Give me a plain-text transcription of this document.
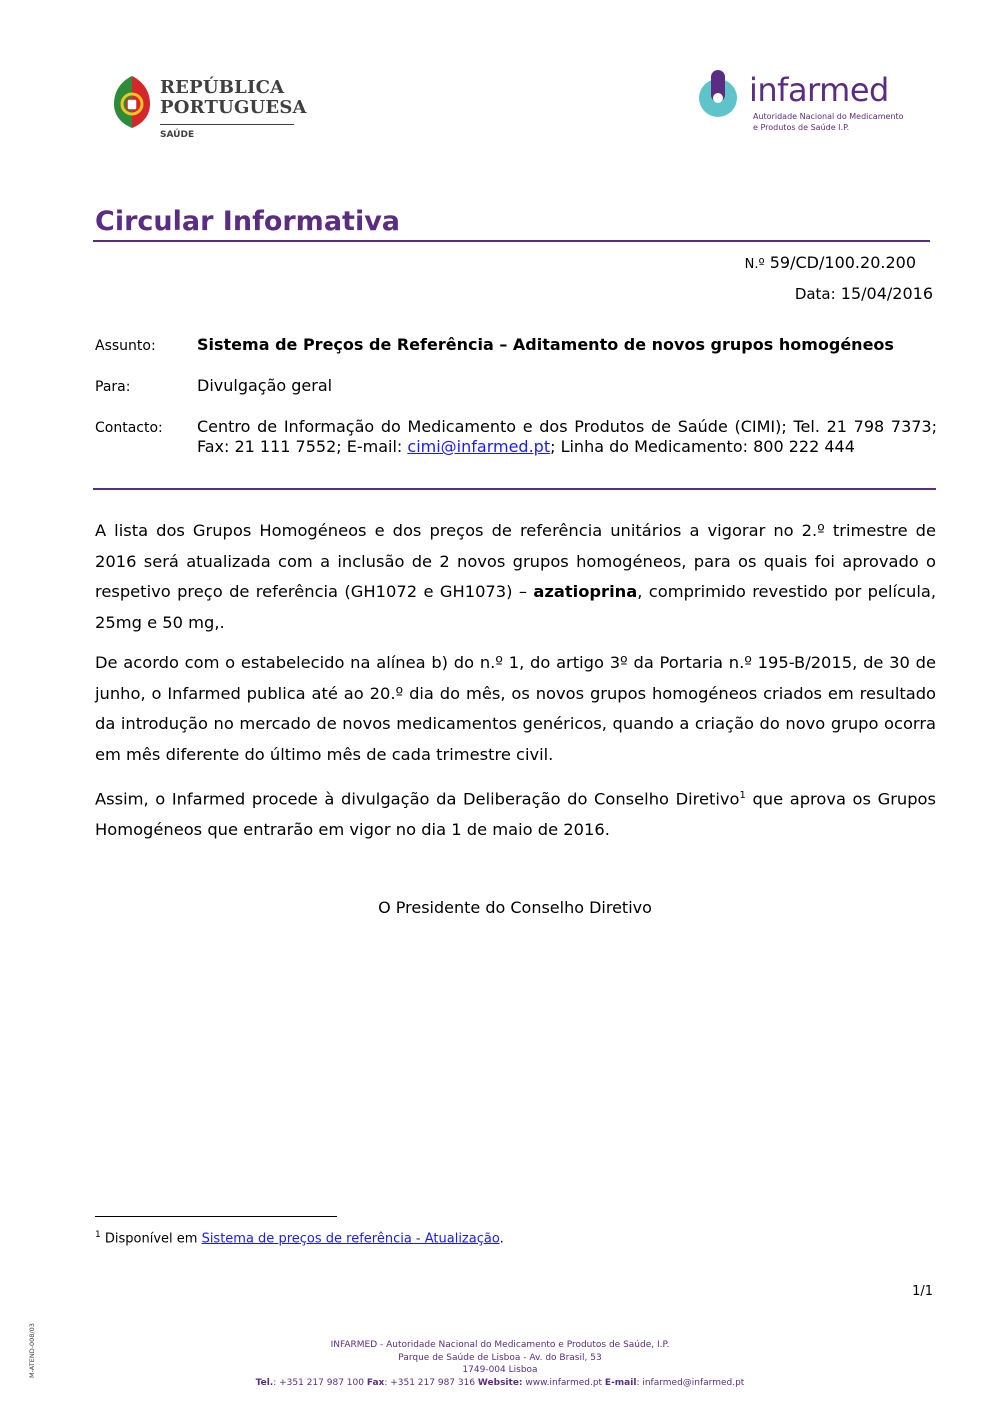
REPÚBLICA
PORTUGUESA
SAÚDE
infarmed
Autoridade Nacional do Medicamento
e Produtos de Saúde I.P.
Circular Informativa
N.º 59/CD/100.20.200
Data: 15/04/2016
Assunto:	Sistema de Preços de Referência – Aditamento de novos grupos homogéneos
Para:	Divulgação geral
Contacto: Centro de Informação do Medicamento e dos Produtos de Saúde (CIMI); Tel. 21 798 7373; Fax: 21 111 7552; E-mail: cimi@infarmed.pt; Linha do Medicamento: 800 222 444
A lista dos Grupos Homogéneos e dos preços de referência unitários a vigorar no 2.º trimestre de 2016 será atualizada com a inclusão de 2 novos grupos homogéneos, para os quais foi aprovado o respetivo preço de referência (GH1072 e GH1073) – azatioprina, comprimido revestido por película, 25mg e 50 mg,.
De acordo com o estabelecido na alínea b) do n.º 1, do artigo 3º da Portaria n.º 195-B/2015, de 30 de junho, o Infarmed publica até ao 20.º dia do mês, os novos grupos homogéneos criados em resultado da introdução no mercado de novos medicamentos genéricos, quando a criação do novo grupo ocorra em mês diferente do último mês de cada trimestre civil.
Assim, o Infarmed procede à divulgação da Deliberação do Conselho Diretivo$^1$ que aprova os Grupos Homogéneos que entrarão em vigor no dia 1 de maio de 2016.
O Presidente do Conselho Diretivo
$^1$ Disponível em Sistema de preços de referência - Atualização.
1/1
M-ATEND-008/03	INFARMED - Autoridade Nacional do Medicamento e Produtos de Saúde, I.P.
Parque de Saúde de Lisboa - Av. do Brasil, 53
1749-004 Lisboa
Tel.: +351 217 987 100 Fax: +351 217 987 316 Website: www.infarmed.pt E-mail: infarmed@infarmed.pt
